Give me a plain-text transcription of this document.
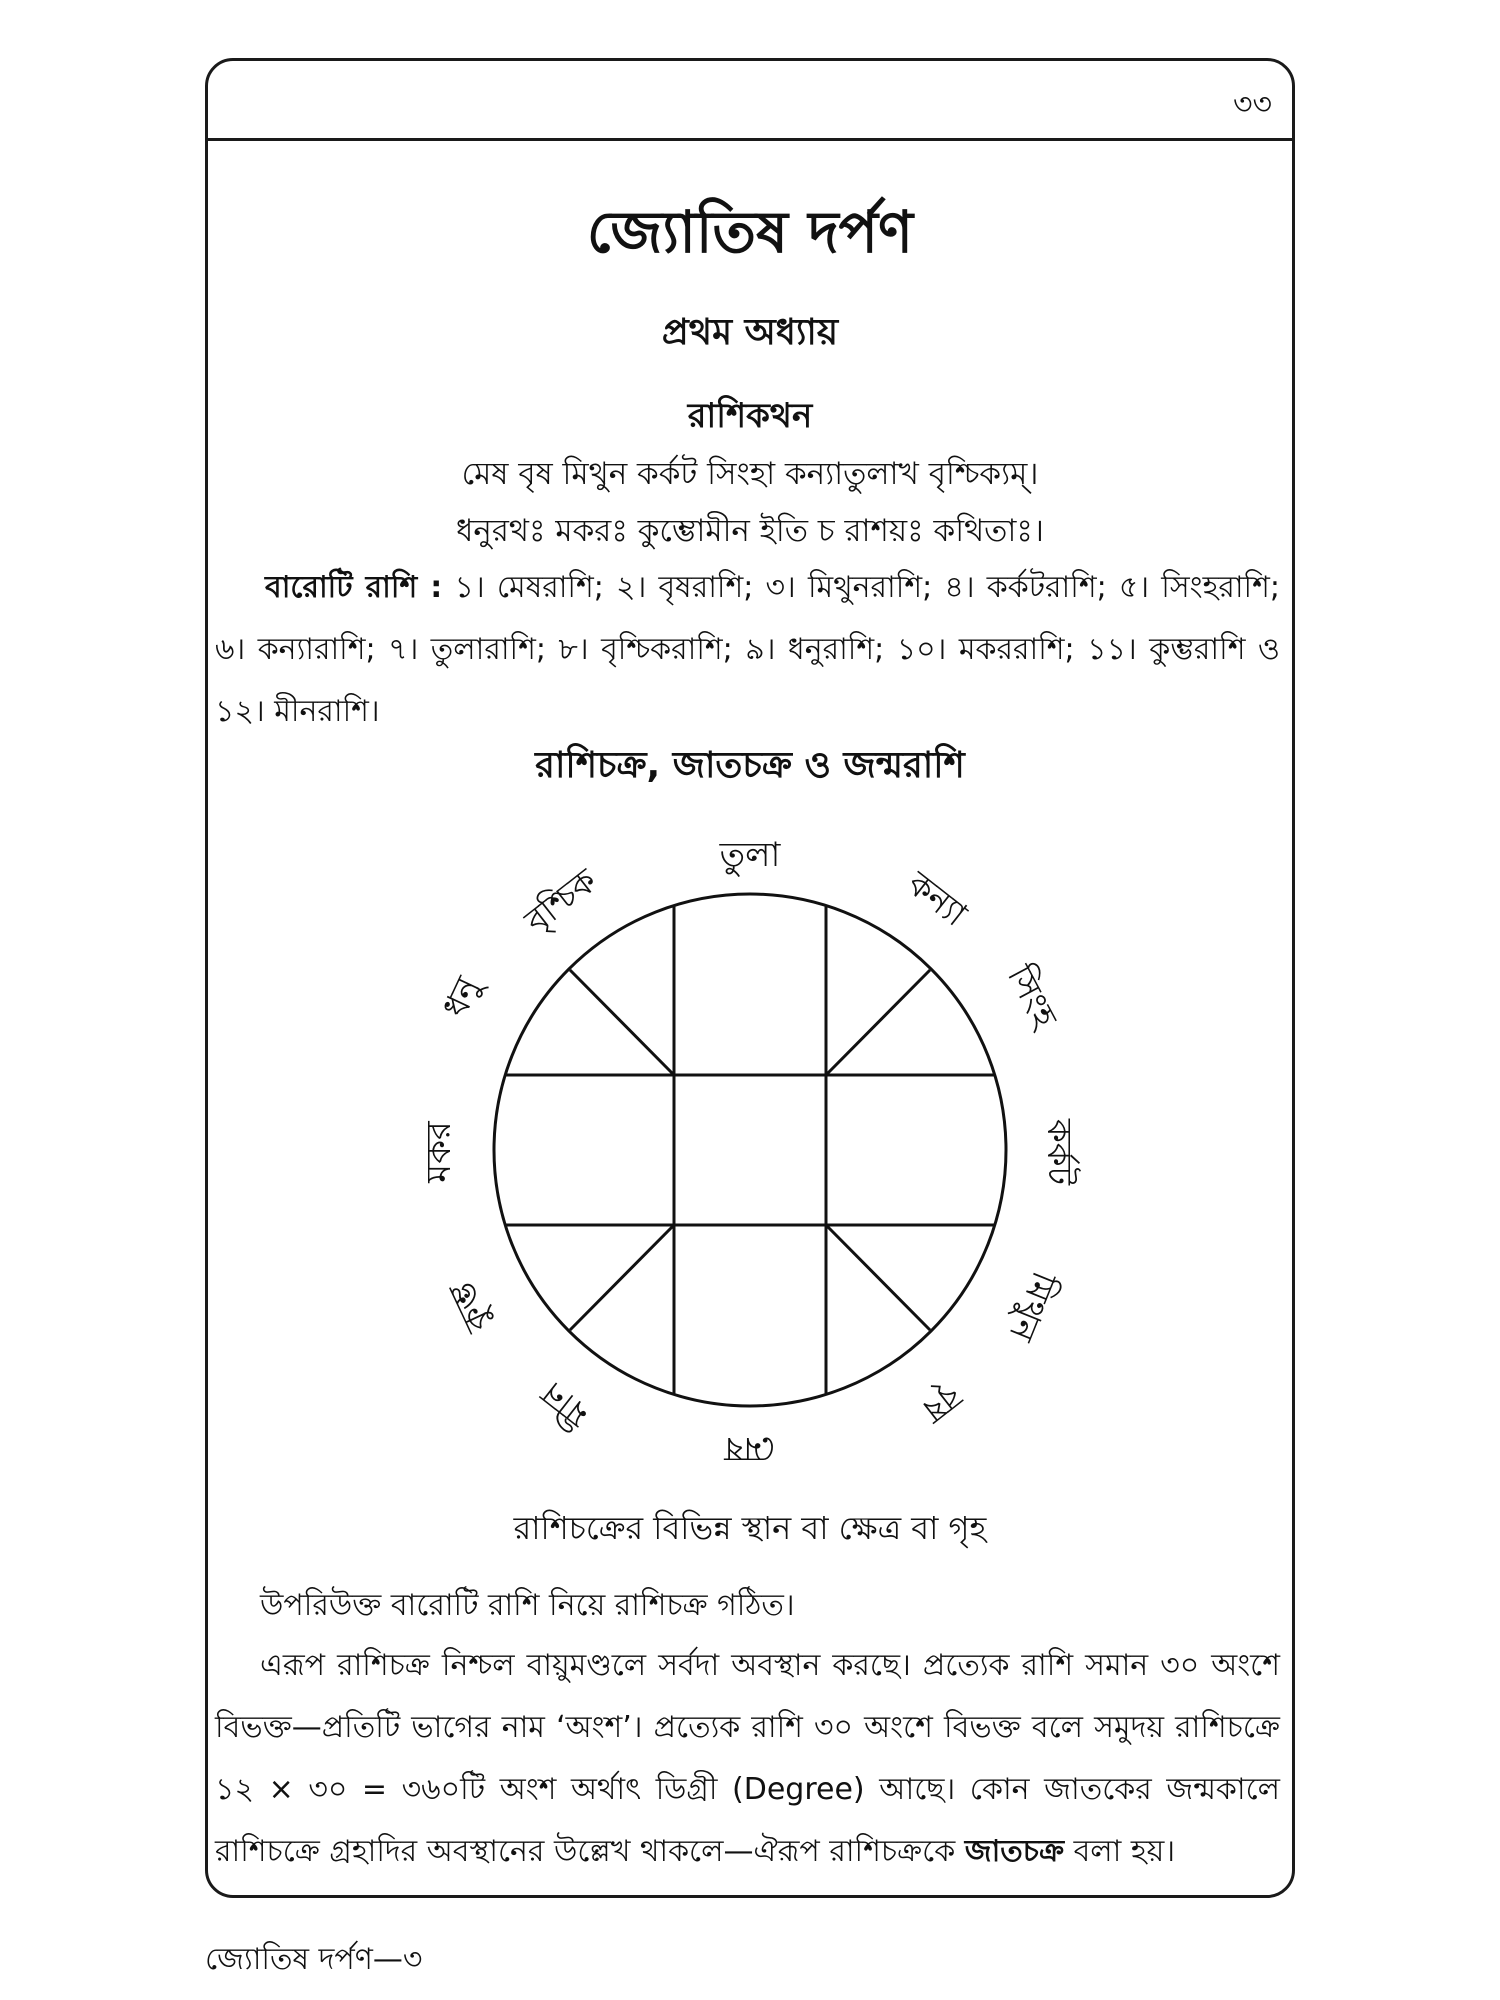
৩৩
জ্যোতিষ দর্পণ
প্রথম অধ্যায়
রাশিকথন
মেষ বৃষ মিথুন কর্কট সিংহা কন্যাতুলাখ বৃশ্চিক্যম্।
ধনুরথঃ মকরঃ কুম্ভোমীন ইতি চ রাশয়ঃ কথিতাঃ।
বারোটি রাশি : ১। মেষরাশি; ২। বৃষরাশি; ৩। মিথুনরাশি; ৪। কর্কটরাশি; ৫। সিংহরাশি; ৬। কন্যারাশি; ৭। তুলারাশি; ৮। বৃশ্চিকরাশি; ৯। ধনুরাশি; ১০। মকররাশি; ১১। কুম্ভরাশি ও ১২। মীনরাশি।
রাশিচক্র, জাতচক্র ও জন্মরাশি
তুলা
কন্যা
সিংহ
কর্কট
মিথুন
বৃষ
মেষ
মীন
কুম্ভ
মকর
ধনু
বৃশ্চিক
রাশিচক্রের বিভিন্ন স্থান বা ক্ষেত্র বা গৃহ
উপরিউক্ত বারোটি রাশি নিয়ে রাশিচক্র গঠিত।
এরূপ রাশিচক্র নিশ্চল বায়ুমণ্ডলে সর্বদা অবস্থান করছে। প্রত্যেক রাশি সমান ৩০ অংশে বিভক্ত—প্রতিটি ভাগের নাম ‘অংশ’। প্রত্যেক রাশি ৩০ অংশে বিভক্ত বলে সমুদয় রাশিচক্রে ১২ × ৩০ = ৩৬০টি অংশ অর্থাৎ ডিগ্রী (Degree) আছে। কোন জাতকের জন্মকালে রাশিচক্রে গ্রহাদির অবস্থানের উল্লেখ থাকলে—ঐরূপ রাশিচক্রকে জাতচক্র বলা হয়।
জ্যোতিষ দর্পণ—৩
